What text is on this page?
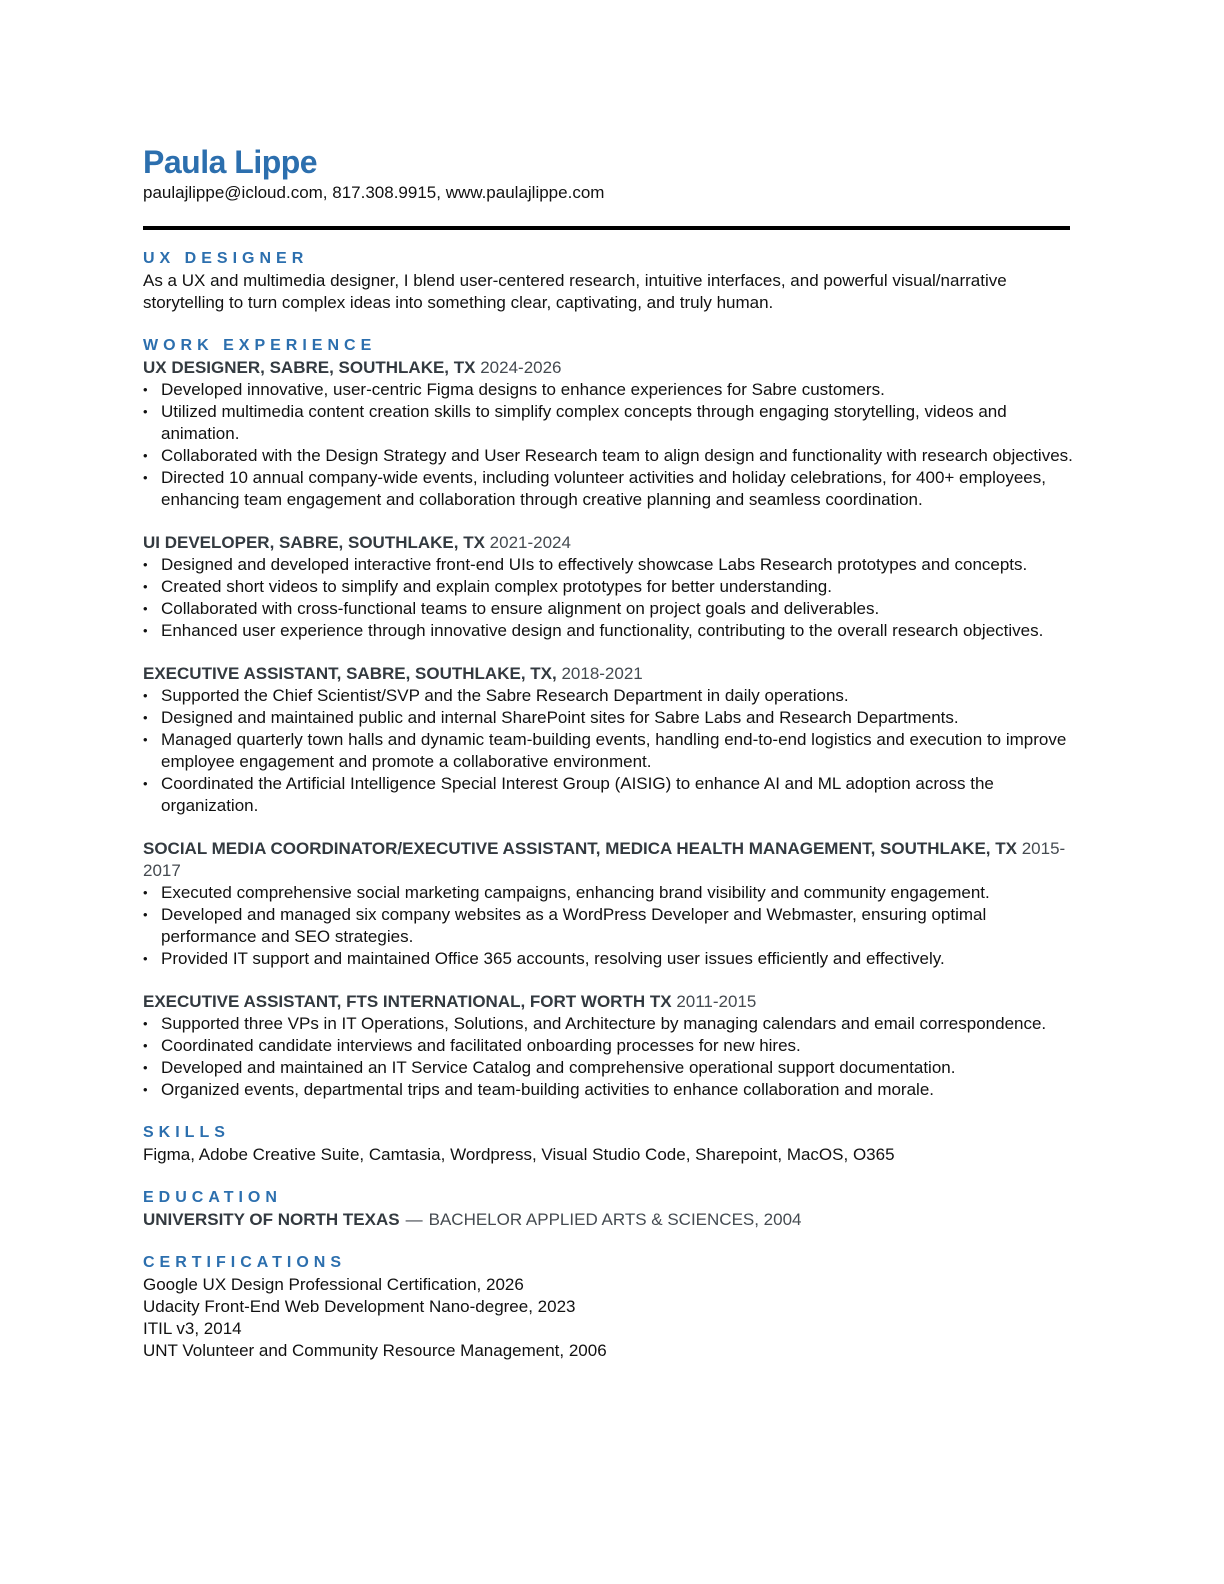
Paula Lippe
paulajlippe@icloud.com, 817.308.9915, www.paulajlippe.com
UX DESIGNER
As a UX and multimedia designer, I blend user-centered research, intuitive interfaces, and powerful visual/narrative storytelling to turn complex ideas into something clear, captivating, and truly human.
WORK EXPERIENCE
UX DESIGNER, SABRE, SOUTHLAKE, TX 2024-2026
• Developed innovative, user-centric Figma designs to enhance experiences for Sabre customers.
• Utilized multimedia content creation skills to simplify complex concepts through engaging storytelling, videos and animation.
• Collaborated with the Design Strategy and User Research team to align design and functionality with research objectives.
• Directed 10 annual company-wide events, including volunteer activities and holiday celebrations, for 400+ employees, enhancing team engagement and collaboration through creative planning and seamless coordination.
UI DEVELOPER, SABRE, SOUTHLAKE, TX 2021-2024
• Designed and developed interactive front-end UIs to effectively showcase Labs Research prototypes and concepts.
• Created short videos to simplify and explain complex prototypes for better understanding.
• Collaborated with cross-functional teams to ensure alignment on project goals and deliverables.
• Enhanced user experience through innovative design and functionality, contributing to the overall research objectives.
EXECUTIVE ASSISTANT, SABRE, SOUTHLAKE, TX, 2018-2021
• Supported the Chief Scientist/SVP and the Sabre Research Department in daily operations.
• Designed and maintained public and internal SharePoint sites for Sabre Labs and Research Departments.
• Managed quarterly town halls and dynamic team-building events, handling end-to-end logistics and execution to improve employee engagement and promote a collaborative environment.
• Coordinated the Artificial Intelligence Special Interest Group (AISIG) to enhance AI and ML adoption across the organization.
SOCIAL MEDIA COORDINATOR/EXECUTIVE ASSISTANT, MEDICA HEALTH MANAGEMENT, SOUTHLAKE, TX 2015-2017
• Executed comprehensive social marketing campaigns, enhancing brand visibility and community engagement.
• Developed and managed six company websites as a WordPress Developer and Webmaster, ensuring optimal performance and SEO strategies.
• Provided IT support and maintained Office 365 accounts, resolving user issues efficiently and effectively.
EXECUTIVE ASSISTANT, FTS INTERNATIONAL, FORT WORTH TX 2011-2015
• Supported three VPs in IT Operations, Solutions, and Architecture by managing calendars and email correspondence.
• Coordinated candidate interviews and facilitated onboarding processes for new hires.
• Developed and maintained an IT Service Catalog and comprehensive operational support documentation.
• Organized events, departmental trips and team-building activities to enhance collaboration and morale.
SKILLS
Figma, Adobe Creative Suite, Camtasia, Wordpress, Visual Studio Code, Sharepoint, MacOS, O365
EDUCATION
UNIVERSITY OF NORTH TEXAS — BACHELOR APPLIED ARTS & SCIENCES, 2004
CERTIFICATIONS
Google UX Design Professional Certification, 2026
Udacity Front-End Web Development Nano-degree, 2023
ITIL v3, 2014
UNT Volunteer and Community Resource Management, 2006
